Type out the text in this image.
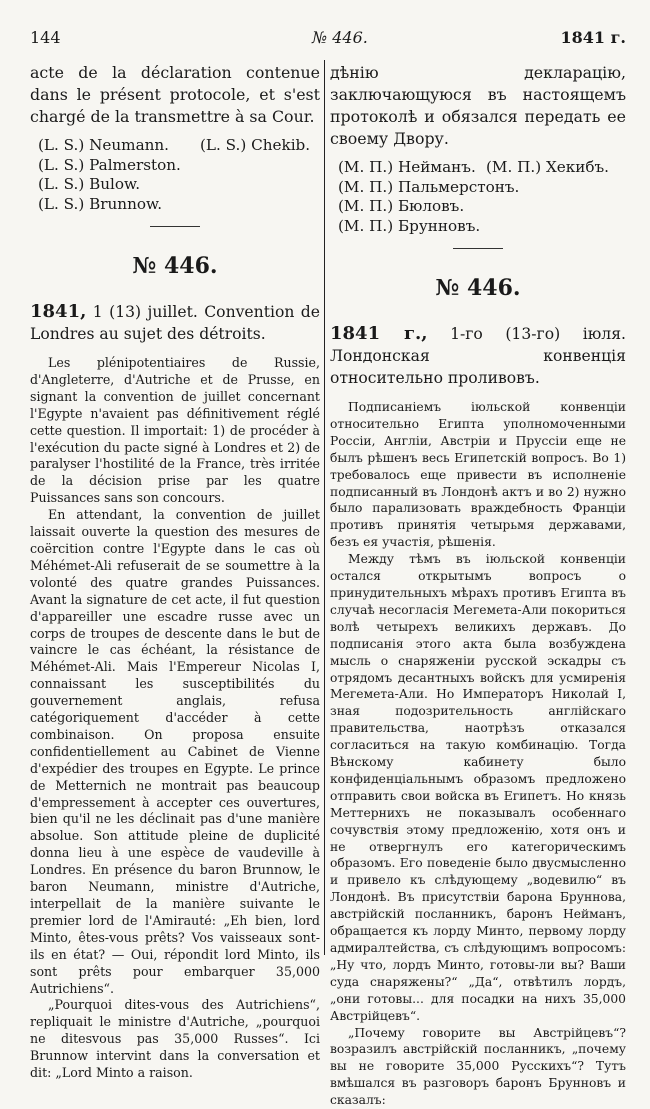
144	№ 446.	1841 г.
acte de la déclaration contenue dans le présent protocole, et s'est chargé de la transmettre à sa Cour.
(L. S.) Neumann.	(L. S.) Chekib.
(L. S.) Palmerston.
(L. S.) Bulow.
(L. S.) Brunnow.
№ 446.
1841, 1 (13) juillet. Convention de Londres au sujet des détroits.

Les plénipotentiaires de Russie, d'Angleterre, d'Autriche et de Prusse, en signant la convention de juillet concernant l'Egypte n'avaient pas définitivement réglé cette question. Il importait: 1) de procéder à l'exécution du pacte signé à Londres et 2) de paralyser l'hostilité de la France, très irritée de la décision prise par les quatre Puissances sans son concours.

En attendant, la convention de juillet laissait ouverte la question des mesures de coërcition contre l'Egypte dans le cas où Méhémet-Ali refuserait de se soumettre à la volonté des quatre grandes Puissances. Avant la signature de cet acte, il fut question d'appareiller une escadre russe avec un corps de troupes de descente dans le but de vaincre le cas échéant, la résistance de Méhémet-Ali. Mais l'Empereur Nicolas I, connaissant les susceptibilités du gouvernement anglais, refusa catégoriquement d'accéder à cette combinaison. On proposa ensuite confidentiellement au Cabinet de Vienne d'expédier des troupes en Egypte. Le prince de Metternich ne montrait pas beaucoup d'empressement à accepter ces ouvertures, bien qu'il ne les déclinait pas d'une manière absolue. Son attitude pleine de duplicité donna lieu à une espèce de vaudeville à Londres. En présence du baron Brunnow, le baron Neumann, ministre d'Autriche, interpellait de la manière suivante le premier lord de l'Amirauté: „Eh bien, lord Minto, êtes-vous prêts? Vos vaisseaux sont-ils en état? — Oui, répondit lord Minto, ils sont prêts pour embarquer 35,000 Autrichiens“.

„Pourquoi dites-vous des Autrichiens“, repliquait le ministre d'Autriche, „pourquoi ne ditesvous pas 35,000 Russes“. Ici Brunnow intervint dans la conversation et dit: „Lord Minto a raison.

дѣнію декларацію, заключающуюся въ настоящемъ протоколѣ и обязался передать ее своему Двору.
(М. П.) Нейманъ. (М. П.) Хекибъ.
(М. П.) Пальмерстонъ.
(М. П.) Бюловъ.
(М. П.) Брунновъ.
№ 446.
1841 г., 1-го (13-го) іюля. Лондонская конвенція относительно проливовъ.

Подписаніемъ іюльской конвенціи относительно Египта уполномоченными Россіи, Англіи, Австріи и Пруссіи еще не былъ рѣшенъ весь Египетскій вопросъ. Во 1) требовалось еще привести въ исполненіе подписанный въ Лондонѣ актъ и во 2) нужно было парализовать враждебность Франціи противъ принятія четырьмя державами, безъ ея участія, рѣшенія.

Между тѣмъ въ іюльской конвенціи остался открытымъ вопросъ о принудительныхъ мѣрахъ противъ Египта въ случаѣ несогласія Мегемета-Али покориться волѣ четырехъ великихъ державъ. До подписанія этого акта была возбуждена мысль о снаряженіи русской эскадры съ отрядомъ десантныхъ войскъ для усмиренія Мегемета-Али. Но Императоръ Николай I, зная подозрительность англійскаго правительства, наотрѣзъ отказался согласиться на такую комбинацію. Тогда Вѣнскому кабинету было конфиденціальнымъ образомъ предложено отправить свои войска въ Египетъ. Но князь Меттернихъ не показывалъ особеннаго сочувствія этому предложенію, хотя онъ и не отвергнулъ его категорическимъ образомъ. Его поведеніе было двусмысленно и привело къ слѣдующему „водевилю“ въ Лондонѣ. Въ присутствіи барона Бруннова, австрійскій посланникъ, баронъ Нейманъ, обращается къ лорду Минто, первому лорду адмиралтейства, съ слѣдующимъ вопросомъ: „Ну что, лордъ Минто, готовы-ли вы? Ваши суда снаряжены?“ „Да“, отвѣтилъ лордъ, „они готовы... для посадки на нихъ 35,000 Австрійцевъ“.

„Почему говорите вы Австрійцевъ“? возразилъ австрійскій посланникъ, „почему вы не говорите 35,000 Русскихъ“? Тутъ вмѣшался въ разговоръ баронъ Брунновъ и сказалъ:
